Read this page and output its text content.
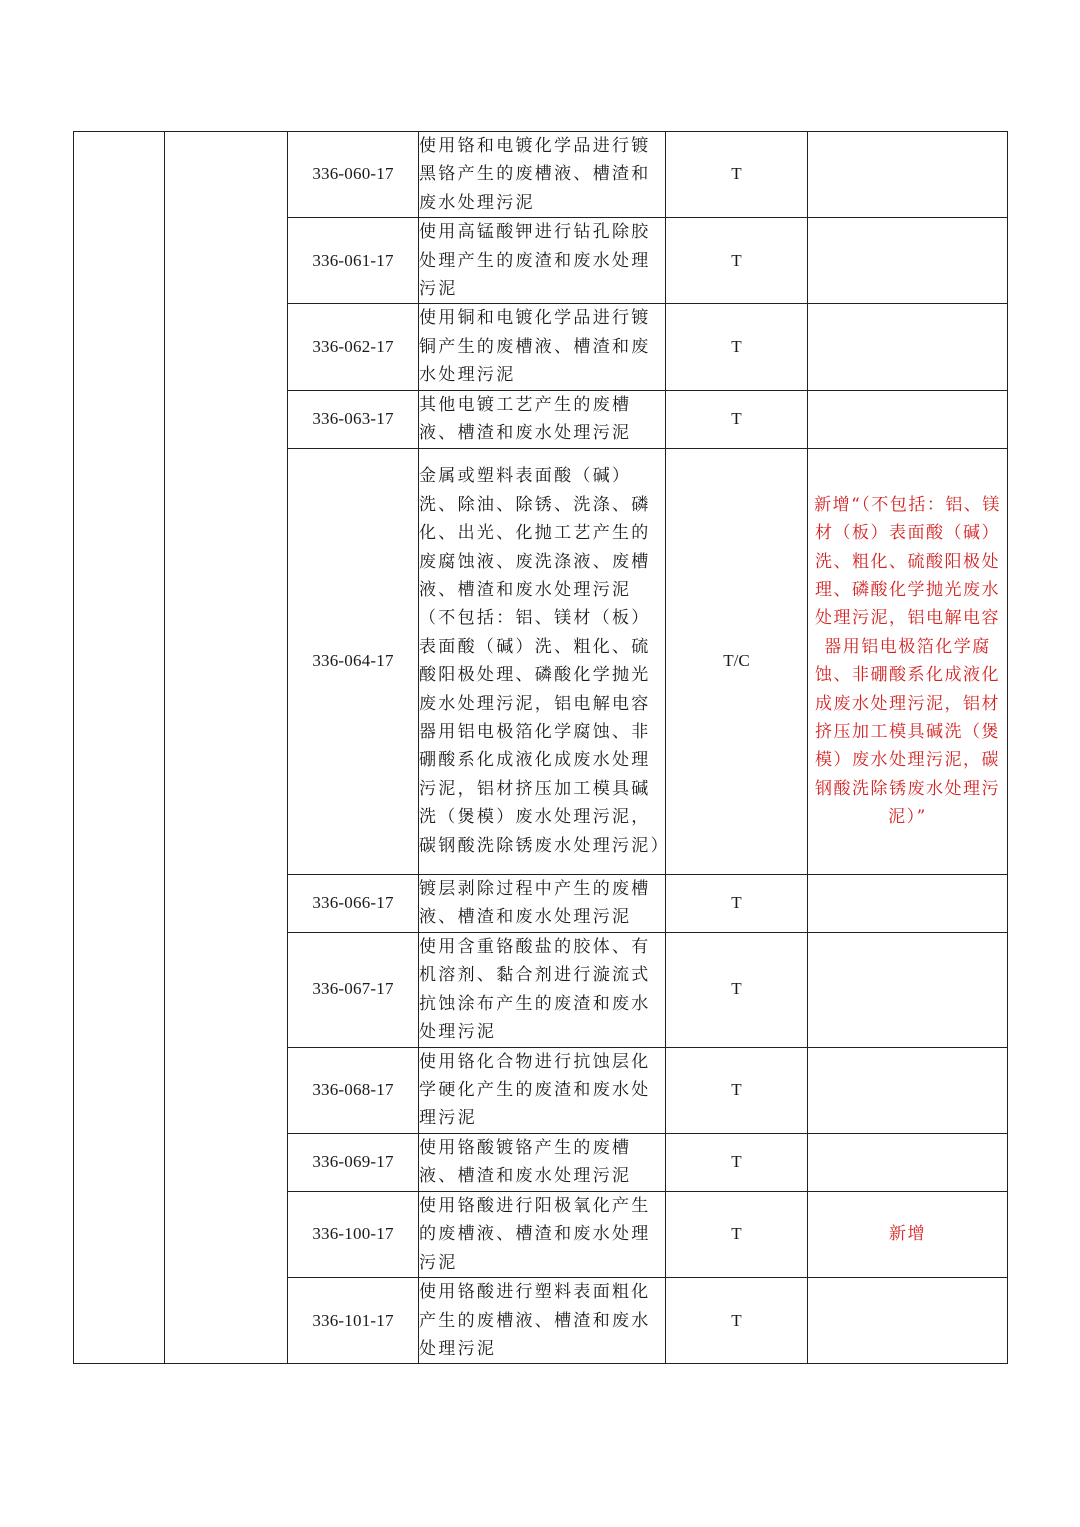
		336-060-17	使用铬和电镀化学品进行镀黑铬产生的废槽液、槽渣和废水处理污泥	T	
		336-061-17	使用高锰酸钾进行钻孔除胶处理产生的废渣和废水处理污泥	T	
		336-062-17	使用铜和电镀化学品进行镀铜产生的废槽液、槽渣和废水处理污泥	T	
		336-063-17	其他电镀工艺产生的废槽液、槽渣和废水处理污泥	T	
		336-064-17	金属或塑料表面酸（碱）洗、除油、除锈、洗涤、磷化、出光、化抛工艺产生的废腐蚀液、废洗涤液、废槽液、槽渣和废水处理污泥（不包括：铝、镁材（板）表面酸（碱）洗、粗化、硫酸阳极处理、磷酸化学抛光废水处理污泥，铝电解电容器用铝电极箔化学腐蚀、非硼酸系化成液化成废水处理污泥，铝材挤压加工模具碱洗（煲模）废水处理污泥，碳钢酸洗除锈废水处理污泥）	T/C	新增“（不包括：铝、镁材（板）表面酸（碱）洗、粗化、硫酸阳极处理、磷酸化学抛光废水处理污泥，铝电解电容器用铝电极箔化学腐蚀、非硼酸系化成液化成废水处理污泥，铝材挤压加工模具碱洗（煲模）废水处理污泥，碳钢酸洗除锈废水处理污泥）”
		336-066-17	镀层剥除过程中产生的废槽液、槽渣和废水处理污泥	T	
		336-067-17	使用含重铬酸盐的胶体、有机溶剂、黏合剂进行漩流式抗蚀涂布产生的废渣和废水处理污泥	T	
		336-068-17	使用铬化合物进行抗蚀层化学硬化产生的废渣和废水处理污泥	T	
		336-069-17	使用铬酸镀铬产生的废槽液、槽渣和废水处理污泥	T	
		336-100-17	使用铬酸进行阳极氧化产生的废槽液、槽渣和废水处理污泥	T	新增
		336-101-17	使用铬酸进行塑料表面粗化产生的废槽液、槽渣和废水处理污泥	T	
